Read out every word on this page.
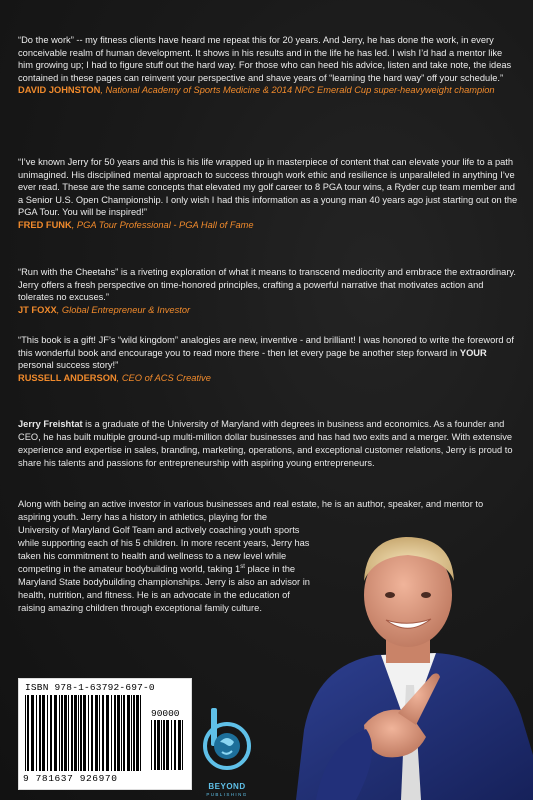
“Do the work” -- my fitness clients have heard me repeat this for 20 years. And Jerry, he has done the work, in every conceivable realm of human development. It shows in his results and in the life he has led. I wish I’d had a mentor like him growing up; I had to figure stuff out the hard way. For those who can heed his advice, listen and take note, the ideas contained in these pages can reinvent your perspective and shave years of “learning the hard way” off your schedule.”

DAVID JOHNSTON, National Academy of Sports Medicine & 2014 NPC Emerald Cup super-heavyweight champion

“I’ve known Jerry for 50 years and this is his life wrapped up in masterpiece of content that can elevate your life to a path unimagined. His disciplined mental approach to success through work ethic and resilience is unparalleled in anything I’ve ever read. These are the same concepts that elevated my golf career to 8 PGA tour wins, a Ryder cup team member and a Senior U.S. Open Championship. I only wish I had this information as a young man 40 years ago just starting out on the PGA Tour. You will be inspired!”

FRED FUNK, PGA Tour Professional - PGA Hall of Fame

“Run with the Cheetahs” is a riveting exploration of what it means to transcend mediocrity and embrace the extraordinary. Jerry offers a fresh perspective on time-honored principles, crafting a powerful narrative that motivates action and tolerates no excuses.”

JT FOXX, Global Entrepreneur & Investor

“This book is a gift! JF’s “wild kingdom” analogies are new, inventive - and brilliant! I was honored to write the foreword of this wonderful book and encourage you to read more there - then let every page be another step forward in YOUR personal success story!”

RUSSELL ANDERSON, CEO of ACS Creative

Jerry Freishtat is a graduate of the University of Maryland with degrees in business and economics. As a founder and CEO, he has built multiple ground-up multi-million dollar businesses and has had two exits and a merger. With extensive experience and expertise in sales, branding, marketing, operations, and exceptional customer relations, Jerry is proud to share his talents and passions for entrepreneurship with aspiring young entrepreneurs.

Along with being an active investor in various businesses and real estate, he is an author, speaker, and mentor to aspiring youth. Jerry has a history in athletics, playing for the

University of Maryland Golf Team and actively coaching youth sports while supporting each of his 5 children. In more recent years, Jerry has taken his commitment to health and wellness to a new level while competing in the amateur bodybuilding world, taking 1st place in the Maryland State bodybuilding championships. Jerry is also an advisor in health, nutrition, and fitness. He is an advocate in the education of raising amazing children through exceptional family culture.

ISBN 978-1-63792-697-0
90000
9 781637 926970
BEYOND
PUBLISHING
